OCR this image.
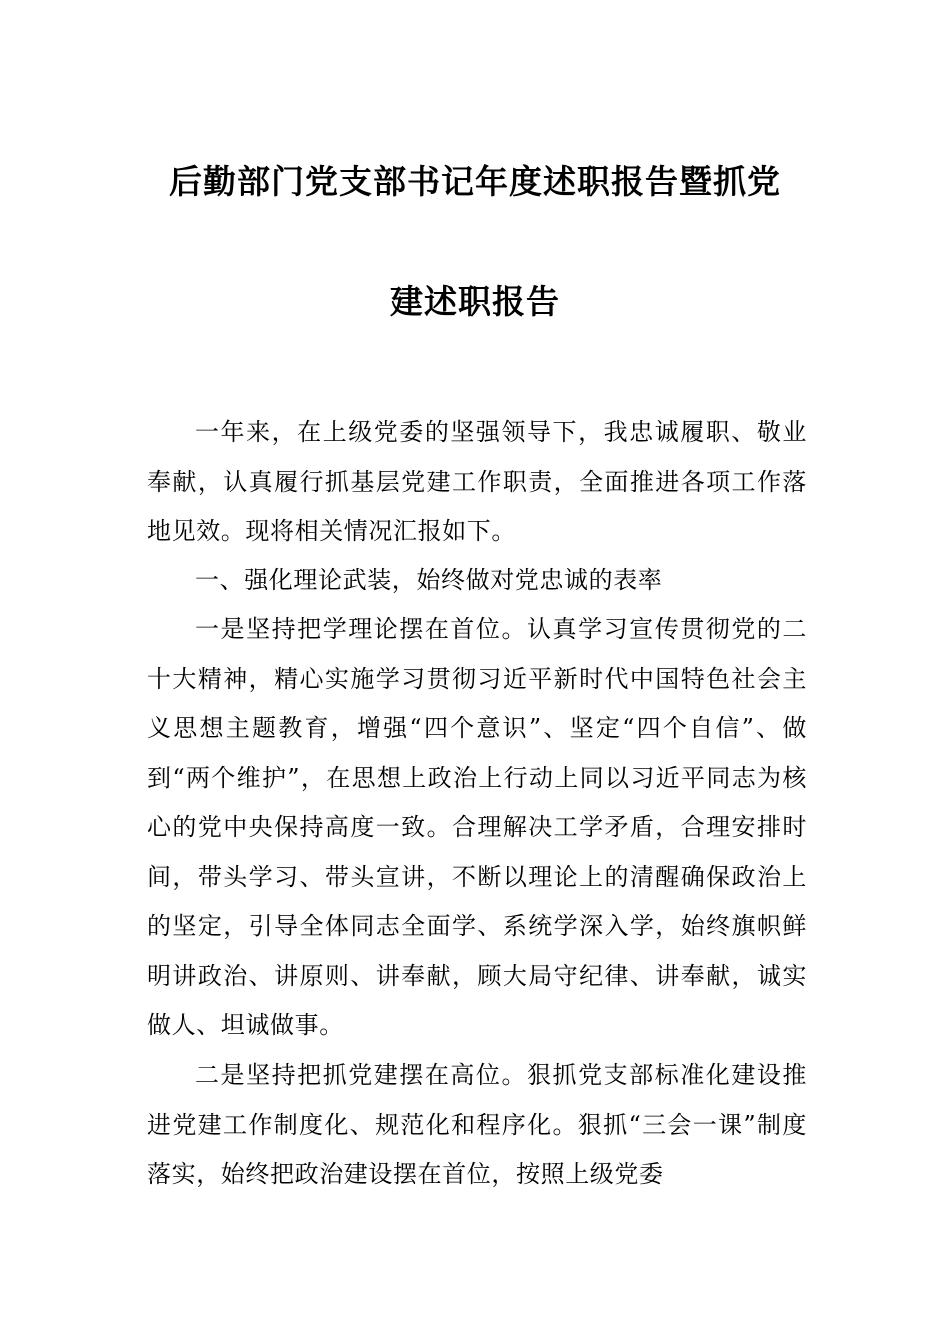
后勤部门党支部书记年度述职报告暨抓党
建述职报告

一年来，在上级党委的坚强领导下，我忠诚履职、敬业奉献，认真履行抓基层党建工作职责，全面推进各项工作落地见效。现将相关情况汇报如下。

一、强化理论武装，始终做对党忠诚的表率

一是坚持把学理论摆在首位。认真学习宣传贯彻党的二十大精神，精心实施学习贯彻习近平新时代中国特色社会主义思想主题教育，增强“四个意识”、坚定“四个自信”、做到“两个维护”，在思想上政治上行动上同以习近平同志为核心的党中央保持高度一致。合理解决工学矛盾，合理安排时间，带头学习、带头宣讲，不断以理论上的清醒确保政治上的坚定，引导全体同志全面学、系统学深入学，始终旗帜鲜明讲政治、讲原则、讲奉献，顾大局守纪律、讲奉献，诚实做人、坦诚做事。

二是坚持把抓党建摆在高位。狠抓党支部标准化建设推进党建工作制度化、规范化和程序化。狠抓“三会一课”制度落实，始终把政治建设摆在首位，按照上级党委
